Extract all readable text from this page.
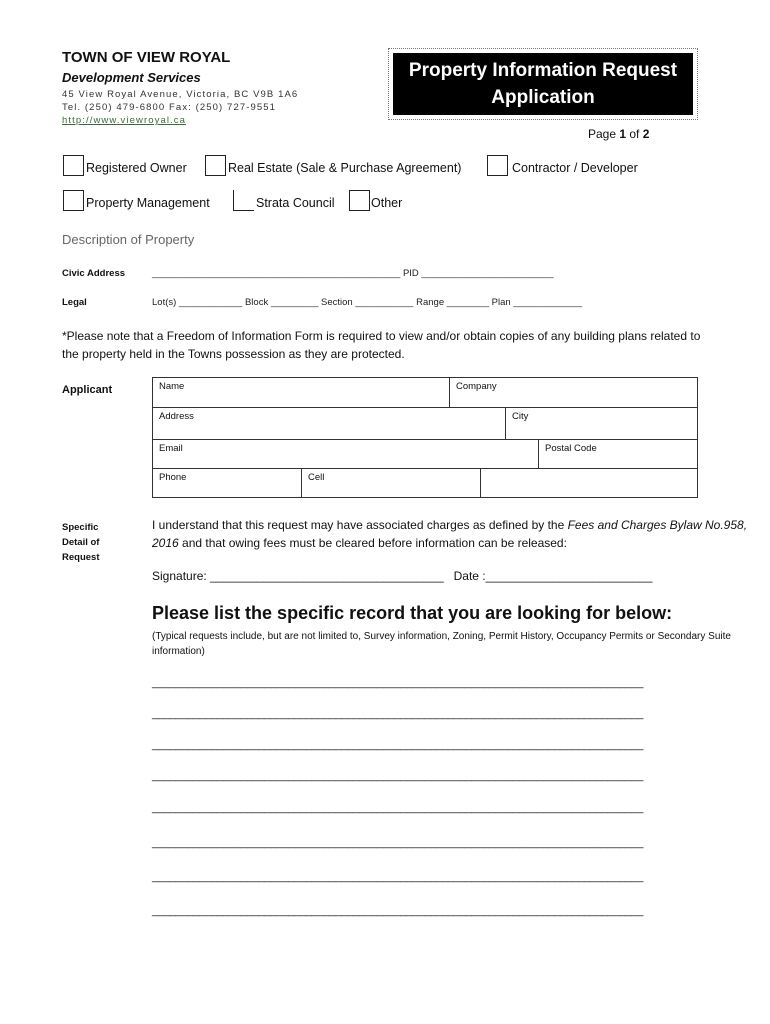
TOWN OF VIEW ROYAL
Development Services
45 View Royal Avenue, Victoria, BC V9B 1A6
Tel. (250) 479-6800 Fax: (250) 727-9551
http://www.viewroyal.ca
Property Information Request
Application
Page 1 of 2
Registered Owner	Real Estate (Sale & Purchase Agreement)	Contractor / Developer
Property Management	Strata Council	Other
Description of Property
Civic Address	_______________________________________________ PID _________________________
Legal	Lot(s) ____________ Block _________ Section ___________ Range ________ Plan _____________
*Please note that a Freedom of Information Form is required to view and/or obtain copies of any building plans related to the property held in the Towns possession as they are protected.
Applicant	Name	Company
Address	City
Email	Postal Code
Phone	Cell
Specific
Detail of
Request
I understand that this request may have associated charges as defined by the Fees and Charges Bylaw No.958, 2016 and that owing fees must be cleared before information can be released:
Signature: ___________________________________   Date :_________________________
Please list the specific record that you are looking for below:
(Typical requests include, but are not limited to, Survey information, Zoning, Permit History, Occupancy Permits or Secondary Suite information)
___________________________________________________________________________________
___________________________________________________________________________________
___________________________________________________________________________________
___________________________________________________________________________________
___________________________________________________________________________________
___________________________________________________________________________________
___________________________________________________________________________________
___________________________________________________________________________________
